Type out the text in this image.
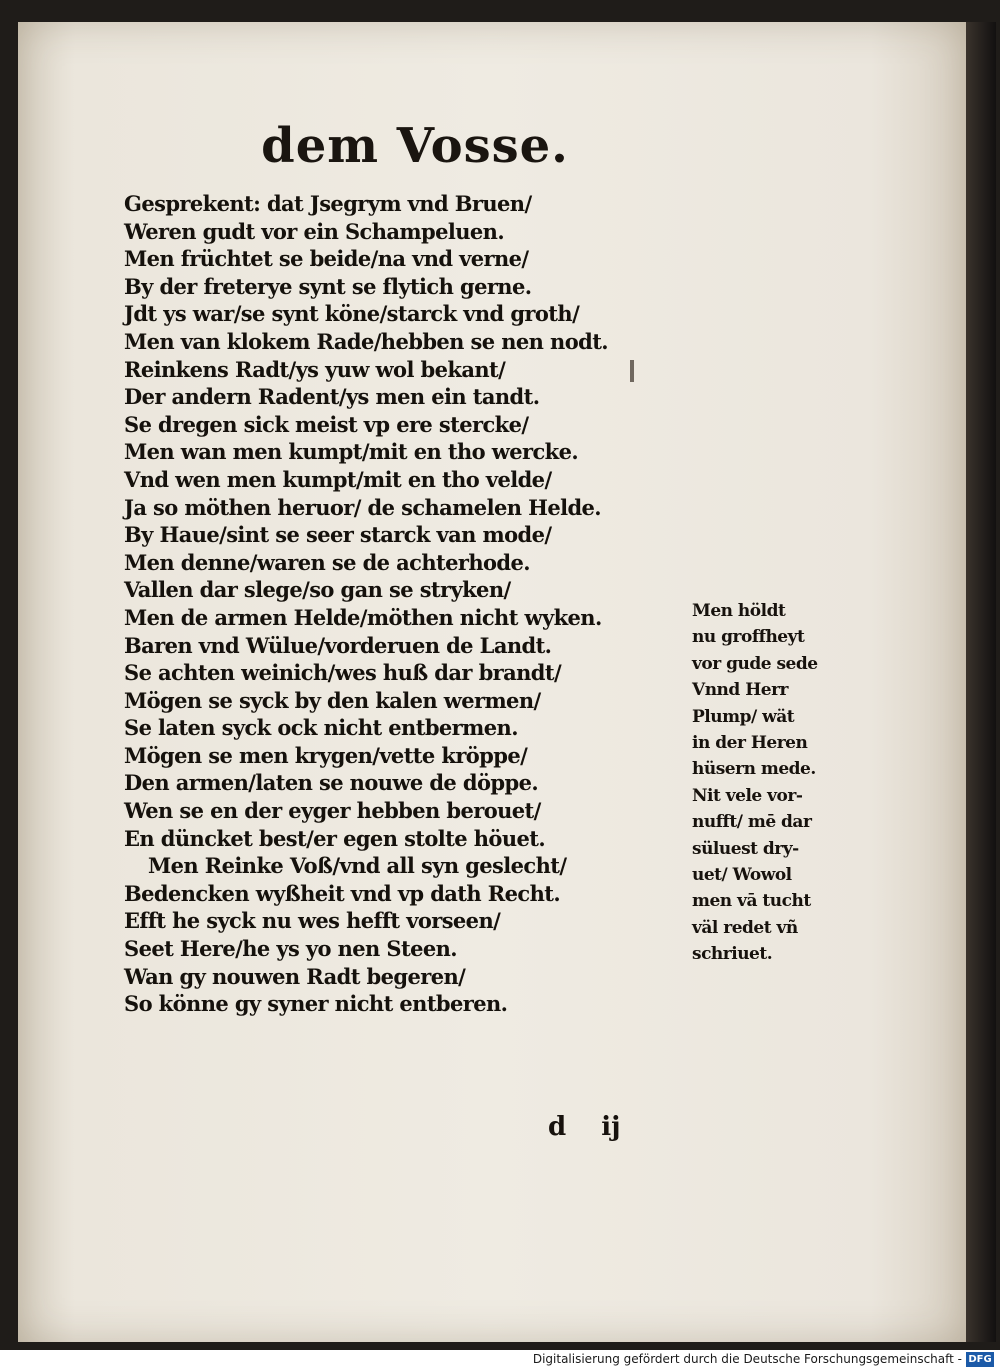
dem Vosse.
Gesprekent: dat Jsegrym vnd Bruen/
Weren gudt vor ein Schampeluen.
Men früchtet se beide/na vnd verne/
By der freterye synt se flytich gerne.
Jdt ys war/se synt köne/starck vnd groth/
Men van klokem Rade/hebben se nen nodt.
Reinkens Radt/ys yuw wol bekant/
Der andern Radent/ys men ein tandt.
Se dregen sick meist vp ere stercke/
Men wan men kumpt/mit en tho wercke.
Vnd wen men kumpt/mit en tho velde/
Ja so möthen heruor/ de schamelen Helde.
By Haue/sint se seer starck van mode/
Men denne/waren se de achterhode.
Vallen dar slege/so gan se stryken/
Men de armen Helde/möthen nicht wyken.
Baren vnd Wülue/vorderuen de Landt.
Se achten weinich/wes huß dar brandt/
Mögen se syck by den kalen wermen/
Se laten syck ock nicht entbermen.
Mögen se men krygen/vette kröppe/
Den armen/laten se nouwe de döppe.
Wen se en der eyger hebben berouet/
En düncket best/er egen stolte höuet.
Men Reinke Voß/vnd all syn geslecht/
Bedencken wyßheit vnd vp dath Recht.
Efft he syck nu wes hefft vorseen/
Seet Here/he ys yo nen Steen.
Wan gy nouwen Radt begeren/
So könne gy syner nicht entberen.
Men höldt
nu groffheyt
vor gude sede
Vnnd Herr
Plump/ wät
in der Heren
hüsern mede.
Nit vele vor-
nufft/ mē dar
süluest dry-
uet/ Wowol
men vā tucht
väl redet vñ
schriuet.
d ij
Digitalisierung gefördert durch die Deutsche Forschungsgemeinschaft - DFG
